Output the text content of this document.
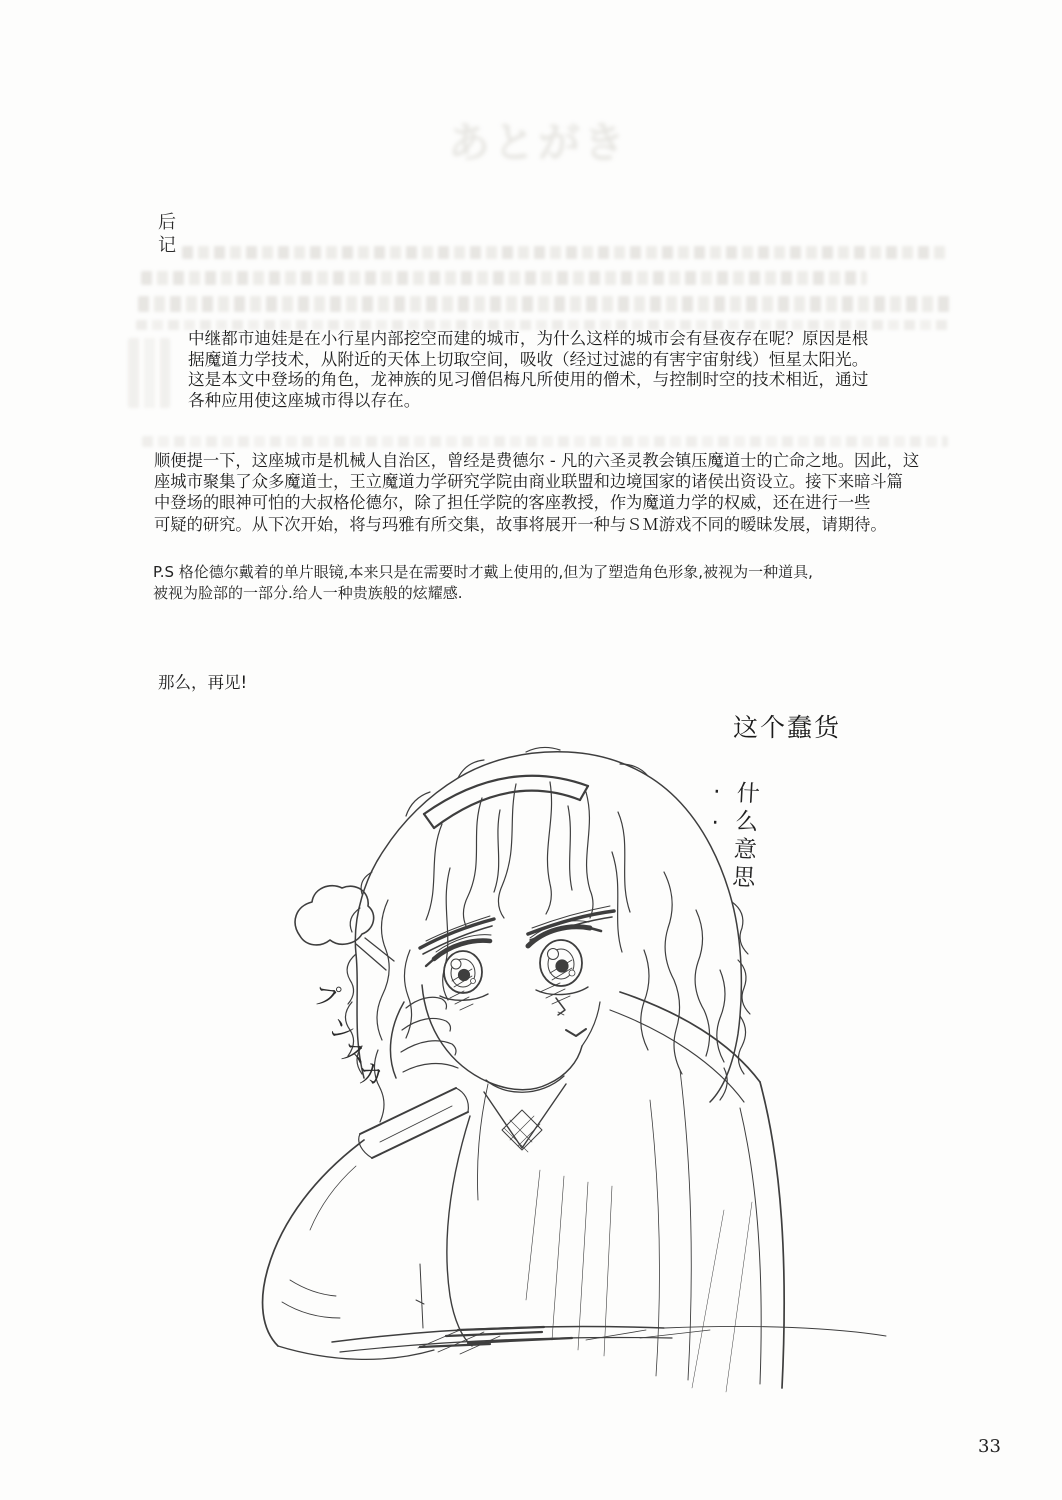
あとがき
后记
中继都市迪娃是在小行星内部挖空而建的城市，为什么这样的城市会有昼夜存在呢？原因是根
据魔道力学技术，从附近的天体上切取空间，吸收（经过过滤的有害宇宙射线）恒星太阳光。
这是本文中登场的角色，龙神族的见习僧侣梅凡所使用的僧术，与控制时空的技术相近，通过
各种应用使这座城市得以存在。
顺便提一下，这座城市是机械人自治区，曾经是费德尔 - 凡的六圣灵教会镇压魔道士的亡命之地。因此，这
座城市聚集了众多魔道士，王立魔道力学研究学院由商业联盟和边境国家的诸侯出资设立。接下来暗斗篇
中登场的眼神可怕的大叔格伦德尔，除了担任学院的客座教授，作为魔道力学的权威，还在进行一些
可疑的研究。从下次开始，将与玛雅有所交集，故事将展开一种与ＳＭ游戏不同的暧昧发展，请期待。
P.S 格伦德尔戴着的单片眼镜,本来只是在需要时才戴上使用的,但为了塑造角色形象,被视为一种道具,
被视为脸部的一部分.给人一种贵族般的炫耀感.
那么，再见!
这个蠢货
什么意思··
プ
ン
ス
カ
33
